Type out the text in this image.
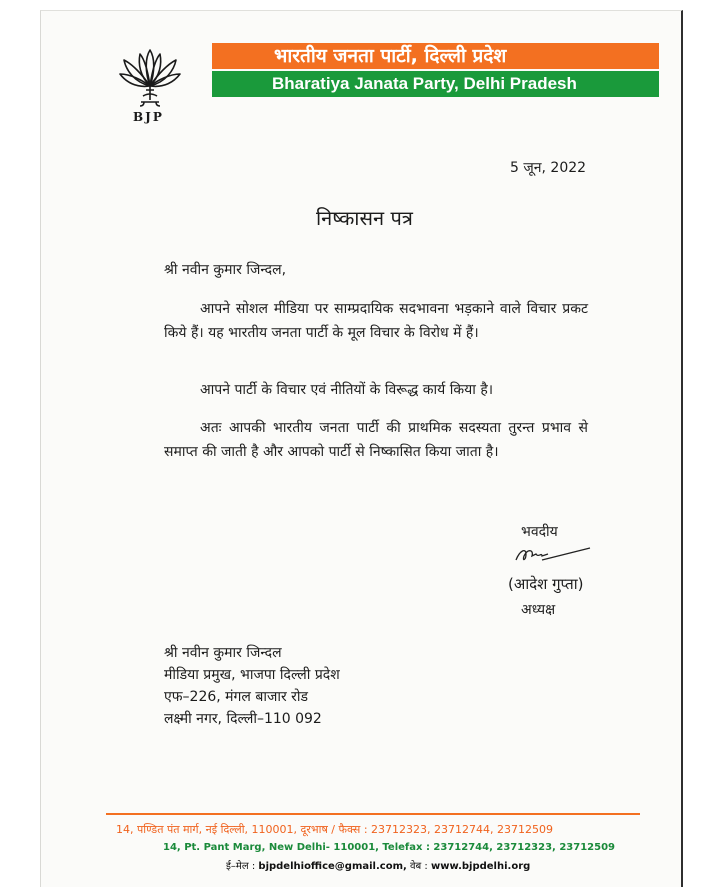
BJP
भारतीय जनता पार्टी, दिल्ली प्रदेश
Bharatiya Janata Party, Delhi Pradesh
5 जून, 2022
निष्कासन पत्र
श्री नवीन कुमार जिन्दल,
आपने सोशल मीडिया पर साम्प्रदायिक सदभावना भड़काने वाले विचार प्रकट किये हैं। यह भारतीय जनता पार्टी के मूल विचार के विरोध में हैं।
आपने पार्टी के विचार एवं नीतियों के विरूद्ध कार्य किया है।
अतः आपकी भारतीय जनता पार्टी की प्राथमिक सदस्यता तुरन्त प्रभाव से समाप्त की जाती है और आपको पार्टी से निष्कासित किया जाता है।
भवदीय
(आदेश गुप्ता)
अध्यक्ष
श्री नवीन कुमार जिन्दल
मीडिया प्रमुख, भाजपा दिल्ली प्रदेश
एफ–226, मंगल बाजार रोड
लक्ष्मी नगर, दिल्ली–110 092
14, पण्डित पंत मार्ग, नई दिल्ली, 110001, दूरभाष / फैक्स : 23712323, 23712744, 23712509
14, Pt. Pant Marg, New Delhi- 110001, Telefax : 23712744, 23712323, 23712509
ई–मेल : bjpdelhioffice@gmail.com, वेब : www.bjpdelhi.org
